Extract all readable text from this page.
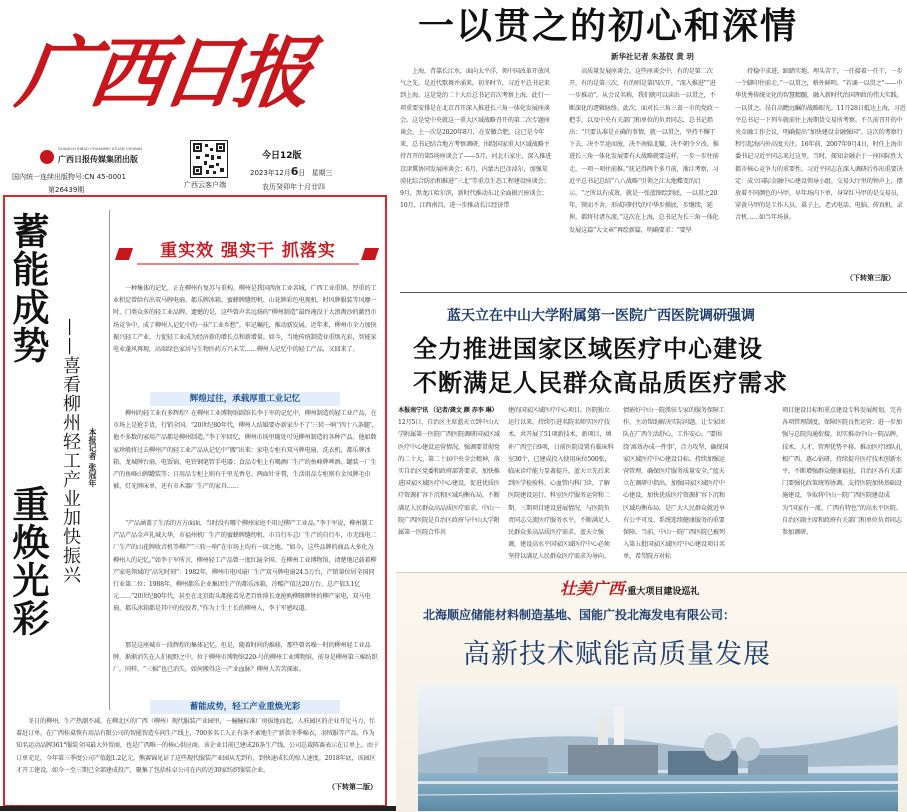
广西日报
GUANGXI RIBAO CHUANMEI JITUAN CHUBAN
广西日报传媒集团出版
国内统一连续出版物号:CN 45-0001
第26439期
广西云客户端
今日12版
2023年12月6日 星期三
农历癸卯年十月廿四
一以贯之的初心和深情
新华社记者 朱基钗 黄 玥
上海，背靠长江水，面向太平洋，领中国改革开放风气之先，是近代歌舞并涌来。初冬时节，习近平总书记来到上海。这是党的二十大后总书记首次考察上海，此行一项重要安排是在北京召开深入推进长三角一体化发展座谈会。这是党中央就这一重大区域战略召开的第二次专题座谈会，上一次是2020年8月，在安徽合肥。这已是今年来，总书记结合地方考察调研，围绕国家重大区域战略主持召开的第5场座谈会了——5月，河北石家庄，深入推进京津冀协同发展座谈会；6月，内蒙古巴彦淖尔，加强荒漠化综合防治和推进“三北”等重点生态工程建设座谈会；9月，黑龙江哈尔滨，新时代推动东北全面振兴座谈会；10月，江西南昌，进一步推动长江经济带
高质量发展座谈会。这些座谈会中，有的是第二次开，有的是第三次，有的则是第四次开。“深入推进”“进一步推动”，从会议名称，我们就可以读出一以贯之，不断深化的逻辑脉络。此次，面对长三角三省一市的党政一把手，以及中央有关部门和单位的负责同志，总书记指出：“只要认准是正确的事情，就一以贯之，坚持不懈干下去，决不半途而废，决不南辕北辙，决不朝令夕改。推进长三角一体化发展要有大战略就要这样，一步一步往前走，一项一项往前推。”抚记得两个多月前，浙江考察，习近平总书记总结“八八战略”引领之江大地蝶变的启示，“之所以有成效，就是一张蓝图绘到底，一以贯之20年，锲而不舍，形成同时代的中华步摸底，步继续，延伸，都将付诸东流。”这次在上海，总书记为长三角一体化发展这篇“大文章”再绘新篇，明确要求：“要坚
持稳中求进、蹄踏实地、埋头苦干，一任接着一任干，一步一个脚印往前走。”一以贯之，格外鲜明。“若诵一以贯之”——中华优秀传统文化的智慧精髓，融入新时代治国理政的伟大实践。一以贯之，昂自高瞻远瞩的战略眼光。11月28日抵达上海，习近平总书记一下列车就前往上海期货交易所考察。不久前召开的中央金融工作会议，明确提出“加快建设金融强国”。这次的考察行程引起海内外高度关注。16年前，2007年9月4日，时任上海市委书记习近平同志来过这里，当时，探知金融企于一座国际性大都市核心竞争力的重要性。习近平同志在深入调研后作出重要决定：成立国际金融中心建设领导小组。交易大厅里的钟声上，摆放着不同颜色的马甲，早年场内下单，身穿红马甲的是交易员，穿黄马甲的是工作人员。桌子上，老式电话、电脑、传真机、录音机……如当年场景。
（下转第三版）
蓄能成势
重焕光彩 ——喜看柳州轻工产业加快振兴 本报记者 张冠年
重实效 强实干 抓落实
一种集体的记忆，正在柳州有复苏与重构。柳州是我国西南工业名城，广西工业重镇。厚重的工业积淀曾给有出双马牌电扇、都乐牌冰箱、蜜蜂牌缝纫机、山花牌彩色电视机、时风牌服装等风靡一时、门类众多的轻工业品牌。遗憾的是，这些曾声名远扬的“柳州制造”最终淹没于大浪淘沙的激烈市场竞争中，成了柳州人记忆中的一抹“工业乡愁”。牢记嘱托，推动新发展。近年来，柳州市全力加快振兴轻工产业，力促轻工业成为经济新的增长点和新增量。如今，当地传统制造业重焕光彩，智能家电业蓬风再现，高端绿色家居与生物医药方兴未艾……柳州人记忆中的轻工产品，又回来了。
辉煌过往，承载厚重工业记忆
柳州的轻工业有多辉煌？在柳州工业博物馆副馆长李于军的记忆中，柳州制造的轻工业产品，在市场上是抢手货，行销全国。“20世纪80年代，柳州人结婚要办新家少不了‘三转一响’‘四十八条腿’，他不多数的家用产品都是柳州制造。”李于军回忆，柳州市场里随处可见柳州制造的各种产品。他如数家珍般将过去柳州产的轻工业产品从记忆中“搬”出来：家电专柜有双马牌电扇、洗衣机，都乐牌冰箱、龙城牌台扇、电饭锅、电铃钢笔管手电器；食品专柜上有喝酒厂生产的鱼峰牌啤酒、罐装一厂生产的鱼峰山牌罐装等；日用品专柜上则有千里光香皂、两面针牙膏，生活用品专柜则有金凤牌毛巾被、灯光牌床单，还有市木器厂生产的家具……
“产品涵盖了生活的方方面面，当时没有哪个柳州家庭不用过柳产工业品。”李于军说，柳州制工产品产品金声礼城大华，市福州机厂生产的蜜蜂牌缝纫机、市自行车总厂生产的自行车，市无线电二厂生产的山花牌收音机等柳产“三转一响”在市场上均有一席之地。“如今，这些品牌的商品大多化为柳州人的记忆。”如李于军所言，柳州轻工产品曾一度红遍全国。在柳州工业博物馆，清楚地记载着柳产家电领域的“高光时刻”：1982年，柳州市电风扇厂生产双马牌电扇24.5万台，产销量位居全国同行业第二位；1988年，柳州都乐企业集团生产的都乐冰箱，冷酷产值达20万台，总产值3.1亿元……“20世纪80年代，甚至在北京街头都能看见老百姓排长龙抢购柳钢牌钟的柳产家电，双马电扇，都乐冰箱都是其中的佼佼者。”作为土生土长的柳州人，李于军感叹道。
那是这座城市一段辉煌的集体记忆。但是，随着时间的推移，那些曾名噪一时的柳州轻工业品牌，渐渐消失在人们视野之中。位于柳州市博物馆220-号的柳州工业博物馆，前身是柳州第三棉纺织厂。同样，“三棉”也已消失。如何搬得这一产业血脉？柳州人苦苦探索。
蓄能成势，轻工产业重焕光彩
冬日的柳州，生产热潮不减。在柳北区的广西（柳州）现代服装产业园里，一幢幢标准厂房拔地而起，人驻园区的企业开足马力，忙着赶订单。在广西桂桌恢有用品有限公司的智能智造车间生产线上，700多名工人正有条不紊地生产新款冬季棉衣，羽绒服等产品。作为知名运动品牌361°服装全国最大外贸商，也是广西唯一的核心供应商，该企业目前已建成26条生产线，公司总裁陈赛表示在订单上。由于订单充足，今年第三季度公司产值超1.2亿元。熊赛锦见证了这些现代服装产业园从无到有，到快速成长的惊人速度。2018年底，该园区才开工建设，如今一至三期已全部建成投产，聚集了包括桂卓公司在内的近30家纺织服装企业。
（下转第二版）
蓝天立在中山大学附属第一医院广西医院调研强调
全力推进国家区域医疗中心建设
不断满足人民群众高品质医疗需求
本报南宁讯 （记者/龚文 颜 赤李 琳） 12月5日，自治区主席蓝天立到中山大学附属第一医院广西医院调研国家区域医疗中心建设运营情况，强调要贯彻党的二十大、第二十届中央全会精神，落实自治区党委和政府部署要求，加快推进国家区域医疗中心建设，促进优质医疗资源扩容下沉和区域均衡布局，不断满足人民群众高品质医疗需求。中山一院广西医院是自治区政府与中山大学附属第一医院合作共
建的国家区域医疗中心项目。医院独立运行以来，持续引进名院名师实医疗技术，共开展了51项新技术、新项目，填补广西空白9项，日前医院设置有临床科室30个，已建成投入使用床位500张，临床诊疗能力显著提升。蓝天立先后来到医学检验科、心血管内科门诊，了解医院建设运行、科室医疗服务运营和二期、三期项目建设进展情况，与医院负责同志交流医疗服务水平，不断满足人民群众多高品质医疗需求。蓝天立强调，建设高水平国家区域医疗中心必须坚持以满足人民群众医疗需求为导向。
情嵌好中山一院派驻专家的服务保障工作，主动帮助解决实际问题，让专家团队在广西生活舒心、工作安心。“要围绕‘离效办成一件事’，合力攻坚，确保国家区域医疗中心建设目标。持续加强运营管理，确保医疗服务质量安全。”蓝天立在调研中指出，加强国家区域医疗中心建设，加快优质医疗资源扩容下沉和区域均衡布局，是广大人民群众就近享有公平可及、系统连续健康服务的重要保障。当前，中山一院广西医院已被列入第五批国家区域医疗中心建设项目名单，希望院方对标
项目建设目标和重点建设专科发展规划，完善各项管理制度，保障医院良性运营；进一步加强与总院沟通衔接，切实推动中山一院品牌、技术、人才、管理优势平移。推动医疗团队扎根广西、惠心钻研，持续提升医疗技术创新水平，不断增强群众健康福祉，自治区各有关部门要强化政策统筹协调，支持医院加快基础设施建设，争取将中山一院广西医院建设成为“国家有一流、广西有特色”的高水平医院。自治区副主席和政府有关部门和单位负责同志参加调研。
壮美广西·重大项目建设巡礼
北海顺应储能材料制造基地、国能广投北海发电有限公司：
高新技术赋能高质量发展
